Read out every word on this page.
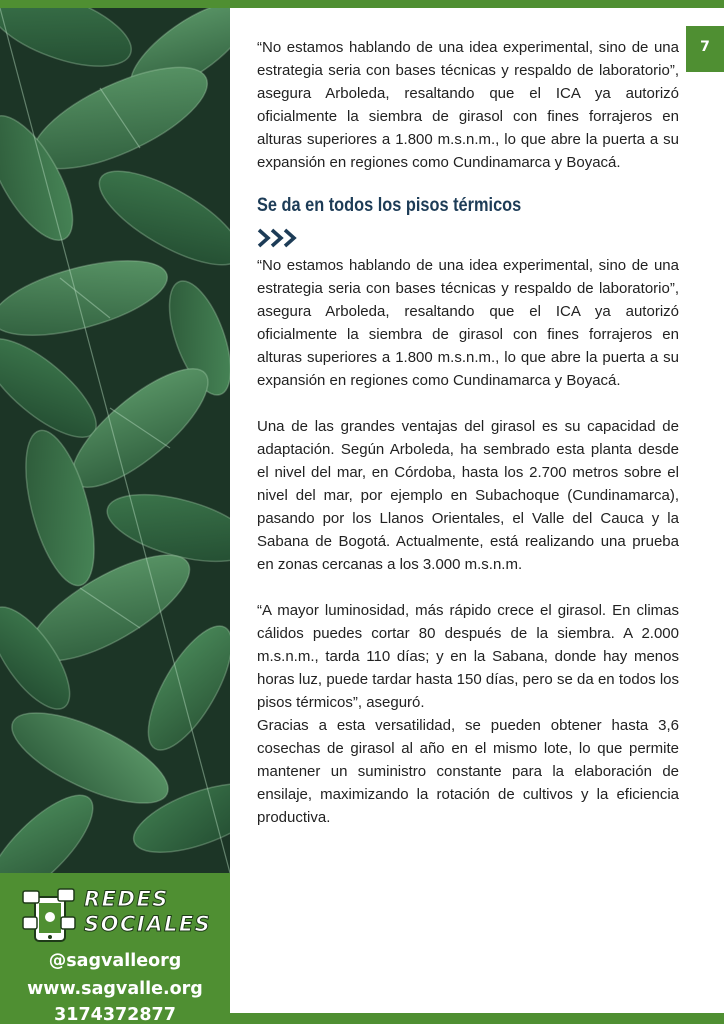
REDES
SOCIALES
@sagvalleorg
www.sagvalle.org
3174372877
7

“No estamos hablando de una idea experimental, sino de una estrategia seria con bases técnicas y respaldo de laboratorio”, asegura Arboleda, resaltando que el ICA ya autorizó oficialmente la siembra de girasol con fines forrajeros en alturas superiores a 1.800 m.s.n.m., lo que abre la puerta a su expansión en regiones como Cundinamarca y Boyacá.

Se da en todos los pisos térmicos

“No estamos hablando de una idea experimental, sino de una estrategia seria con bases técnicas y respaldo de laboratorio”, asegura Arboleda, resaltando que el ICA ya autorizó oficialmente la siembra de girasol con fines forrajeros en alturas superiores a 1.800 m.s.n.m., lo que abre la puerta a su expansión en regiones como Cundinamarca y Boyacá.

Una de las grandes ventajas del girasol es su capacidad de adaptación. Según Arboleda, ha sembrado esta planta desde el nivel del mar, en Córdoba, hasta los 2.700 metros sobre el nivel del mar, por ejemplo en Subachoque (Cundinamarca), pasando por los Llanos Orientales, el Valle del Cauca y la Sabana de Bogotá. Actualmente, está realizando una prueba en zonas cercanas a los 3.000 m.s.n.m.

“A mayor luminosidad, más rápido crece el girasol. En climas cálidos puedes cortar 80 después de la siembra. A 2.000 m.s.n.m., tarda 110 días; y en la Sabana, donde hay menos horas luz, puede tardar hasta 150 días, pero se da en todos los pisos térmicos”, aseguró.

Gracias a esta versatilidad, se pueden obtener hasta 3,6 cosechas de girasol al año en el mismo lote, lo que permite mantener un suministro constante para la elaboración de ensilaje, maximizando la rotación de cultivos y la eficiencia productiva.
